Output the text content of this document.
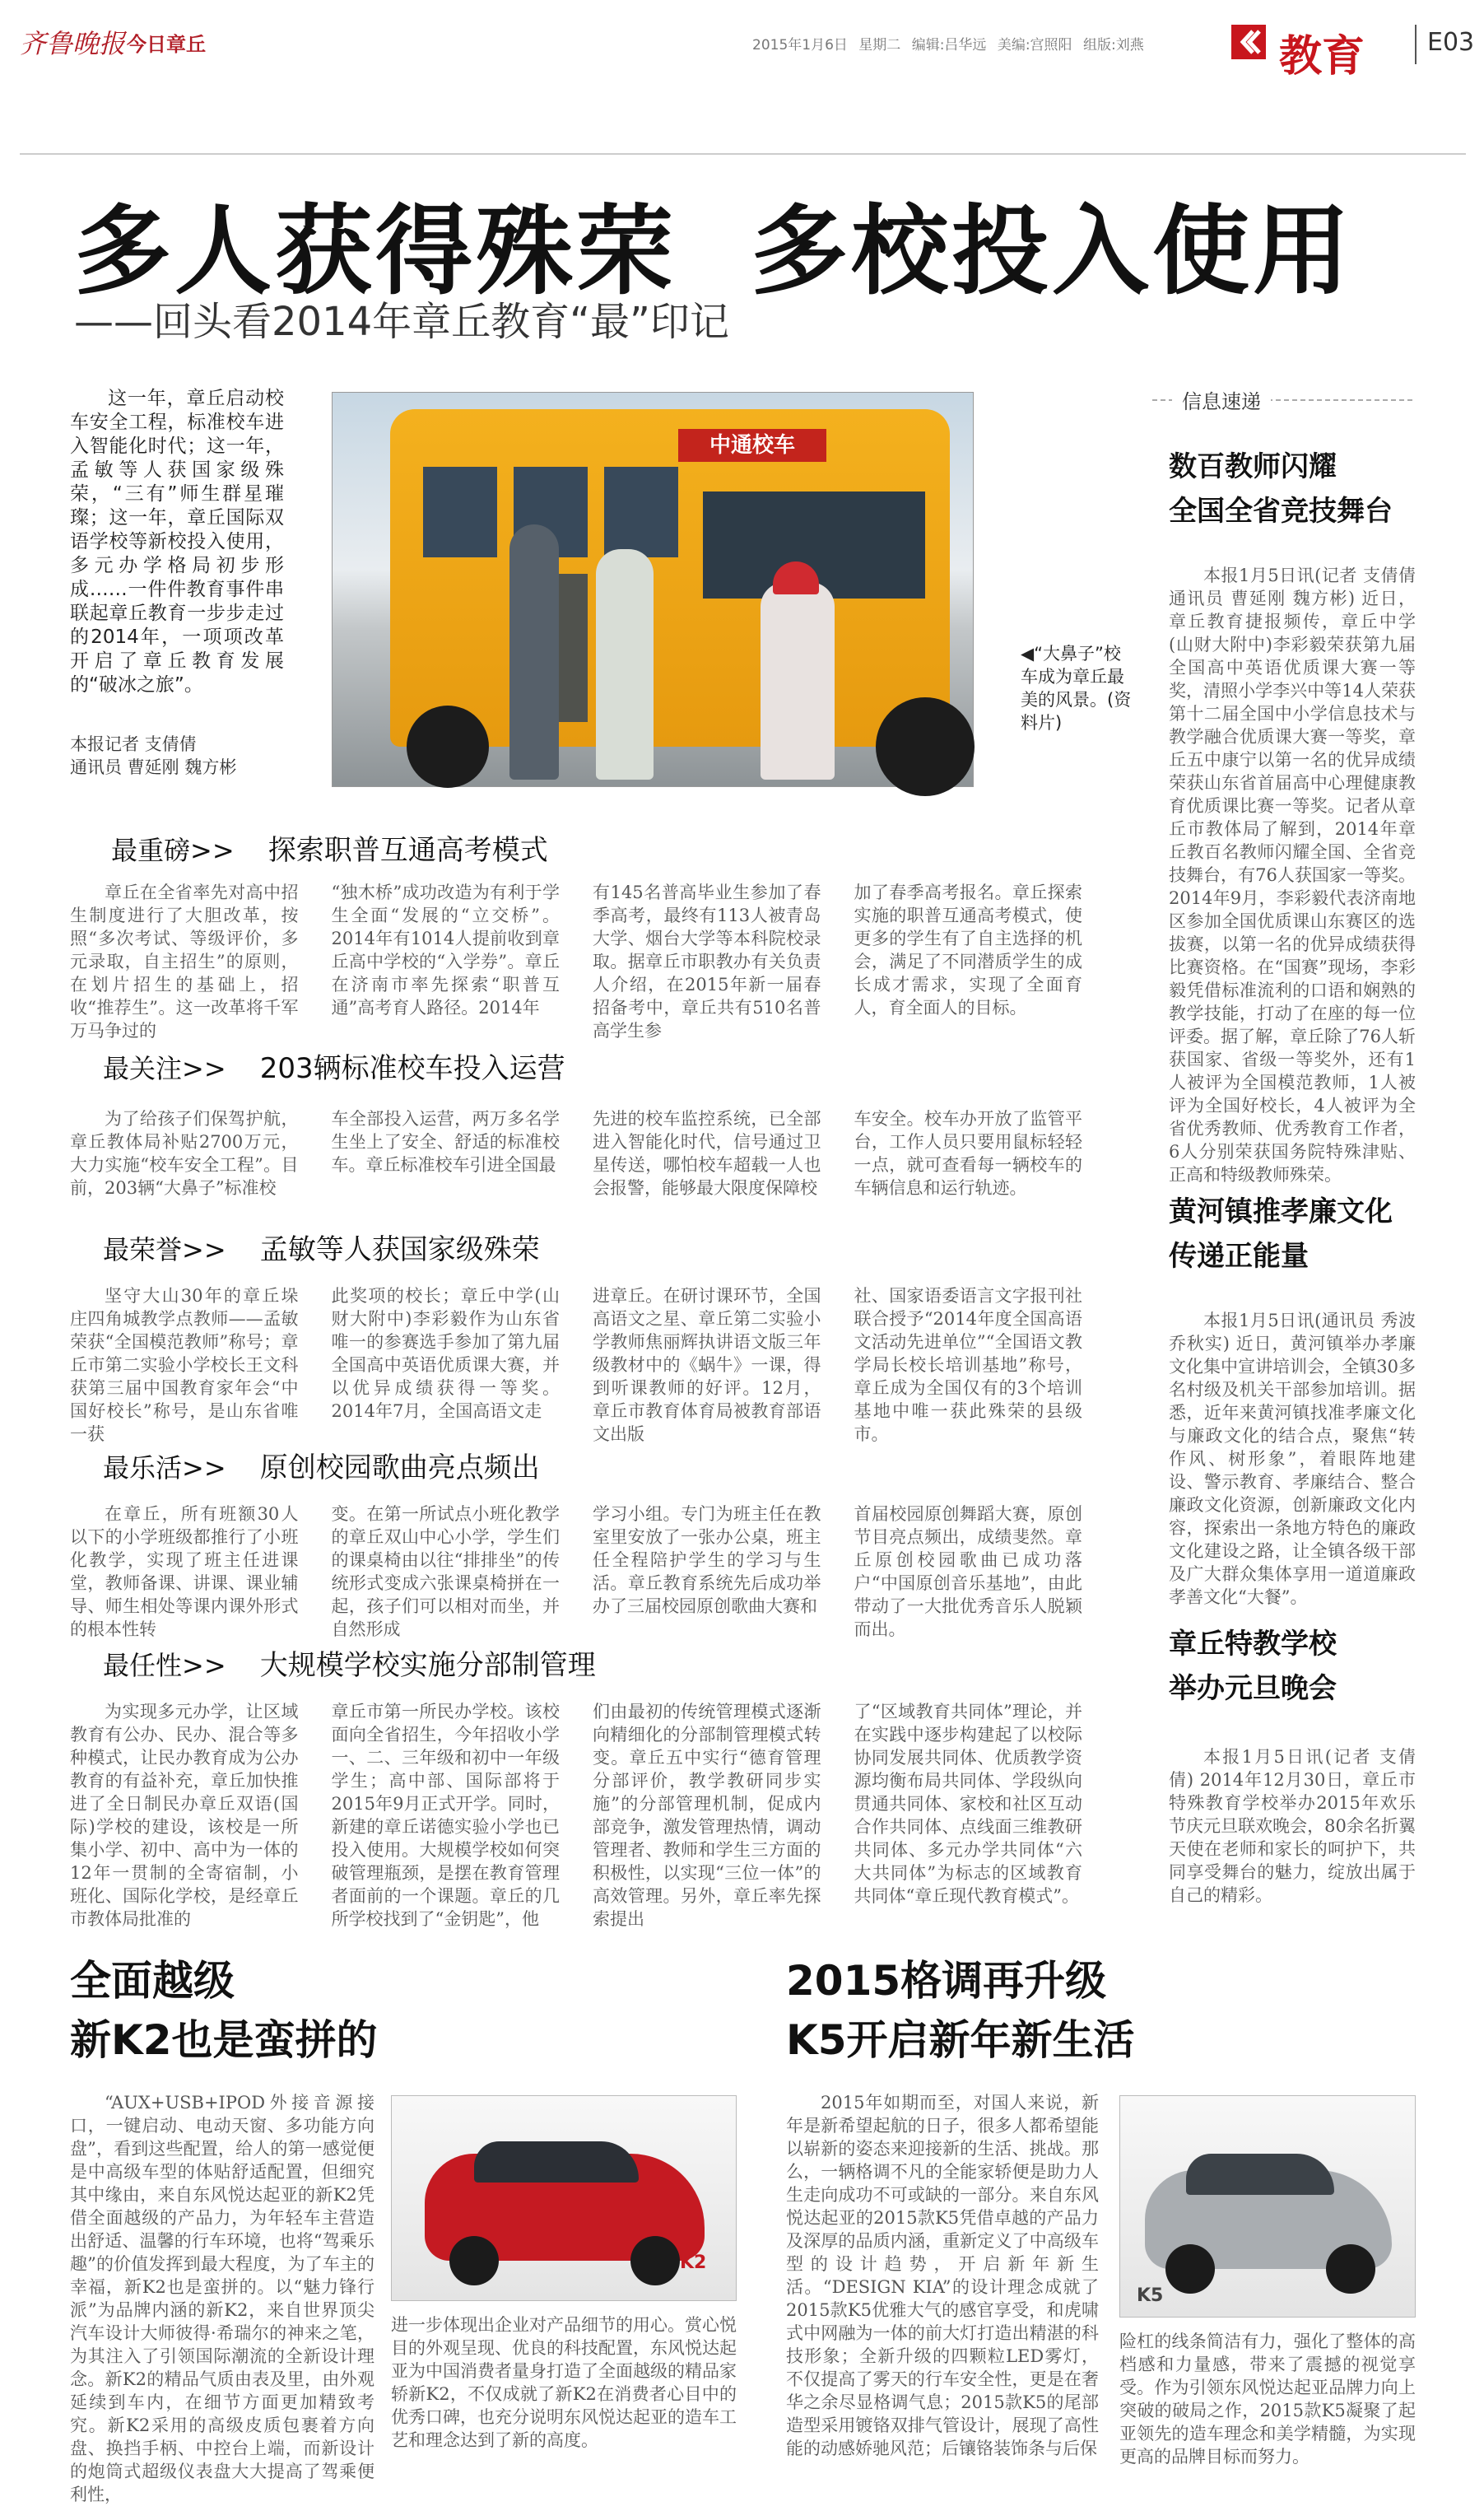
齐鲁晚报 今日章丘	2015年1月6日 星期二 编辑:吕华远 美编:宫照阳 组版:刘燕	教育	E03
多人获得殊荣  多校投入使用
——回头看2014年章丘教育“最”印记
这一年，章丘启动校车安全工程，标准校车进入智能化时代；这一年，孟敏等人获国家级殊荣，“三有”师生群星璀璨；这一年，章丘国际双语学校等新校投入使用，多元办学格局初步形成……一件件教育事件串联起章丘教育一步步走过的2014年，一项项改革开启了章丘教育发展的“破冰之旅”。
本报记者 支倩倩
通讯员 曹延刚 魏方彬
中通校车
◀“大鼻子”校车成为章丘最美的风景。(资料片)
最重磅>> 探索职普互通高考模式
章丘在全省率先对高中招生制度进行了大胆改革，按照“多次考试、等级评价，多元录取，自主招生”的原则，在划片招生的基础上，招收“推荐生”。这一改革将千军万马争过的
“独木桥”成功改造为有利于学生全面“发展的“立交桥”。2014年有1014人提前收到章丘高中学校的“入学券”。章丘在济南市率先探索“职普互通”高考育人路径。2014年
有145名普高毕业生参加了春季高考，最终有113人被青岛大学、烟台大学等本科院校录取。据章丘市职教办有关负责人介绍，在2015年新一届春招备考中，章丘共有510名普高学生参
加了春季高考报名。章丘探索实施的职普互通高考模式，使更多的学生有了自主选择的机会，满足了不同潜质学生的成长成才需求，实现了全面育人，育全面人的目标。
最关注>> 203辆标准校车投入运营
为了给孩子们保驾护航，章丘教体局补贴2700万元，大力实施“校车安全工程”。目前，203辆“大鼻子”标准校
车全部投入运营，两万多名学生坐上了安全、舒适的标准校车。章丘标准校车引进全国最
先进的校车监控系统，已全部进入智能化时代，信号通过卫星传送，哪怕校车超载一人也会报警，能够最大限度保障校
车安全。校车办开放了监管平台，工作人员只要用鼠标轻轻一点，就可查看每一辆校车的车辆信息和运行轨迹。
最荣誉>> 孟敏等人获国家级殊荣
坚守大山30年的章丘垛庄四角城教学点教师——孟敏荣获“全国模范教师”称号；章丘市第二实验小学校长王文科获第三届中国教育家年会“中国好校长”称号，是山东省唯一获
此奖项的校长；章丘中学(山财大附中)李彩毅作为山东省唯一的参赛选手参加了第九届全国高中英语优质课大赛，并以优异成绩获得一等奖。2014年7月，全国高语文走
进章丘。在研讨课环节，全国高语文之星、章丘第二实验小学教师焦丽辉执讲语文版三年级教材中的《蜗牛》一课，得到听课教师的好评。12月，章丘市教育体育局被教育部语文出版
社、国家语委语言文字报刊社联合授予“2014年度全国高语文活动先进单位”“全国语文教学局长校长培训基地”称号，章丘成为全国仅有的3个培训基地中唯一获此殊荣的县级市。
最乐活>> 原创校园歌曲亮点频出
在章丘，所有班额30人以下的小学班级都推行了小班化教学，实现了班主任进课堂，教师备课、讲课、课业辅导、师生相处等课内课外形式的根本性转
变。在第一所试点小班化教学的章丘双山中心小学，学生们的课桌椅由以往“排排坐”的传统形式变成六张课桌椅拼在一起，孩子们可以相对而坐，并自然形成
学习小组。专门为班主任在教室里安放了一张办公桌，班主任全程陪护学生的学习与生活。章丘教育系统先后成功举办了三届校园原创歌曲大赛和
首届校园原创舞蹈大赛，原创节目亮点频出，成绩斐然。章丘原创校园歌曲已成功落户“中国原创音乐基地”，由此带动了一大批优秀音乐人脱颖而出。
最任性>> 大规模学校实施分部制管理
为实现多元办学，让区域教育有公办、民办、混合等多种模式，让民办教育成为公办教育的有益补充，章丘加快推进了全日制民办章丘双语(国际)学校的建设，该校是一所集小学、初中、高中为一体的12年一贯制的全寄宿制，小班化、国际化学校，是经章丘市教体局批准的
章丘市第一所民办学校。该校面向全省招生，今年招收小学一、二、三年级和初中一年级学生；高中部、国际部将于2015年9月正式开学。同时，新建的章丘诺德实验小学也已投入使用。大规模学校如何突破管理瓶颈，是摆在教育管理者面前的一个课题。章丘的几所学校找到了“金钥匙”，他
们由最初的传统管理模式逐渐向精细化的分部制管理模式转变。章丘五中实行“德育管理分部评价，教学教研同步实施”的分部管理机制，促成内部竞争，激发管理热情，调动管理者、教师和学生三方面的积极性，以实现“三位一体”的高效管理。另外，章丘率先探索提出
了“区域教育共同体”理论，并在实践中逐步构建起了以校际协同发展共同体、优质教学资源均衡布局共同体、学段纵向贯通共同体、家校和社区互动合作共同体、点线面三维教研共同体、多元办学共同体“六大共同体”为标志的区域教育共同体“章丘现代教育模式”。
信息速递
数百教师闪耀
全国全省竞技舞台
本报1月5日讯(记者 支倩倩 通讯员 曹延刚 魏方彬) 近日，章丘教育捷报频传，章丘中学(山财大附中)李彩毅荣获第九届全国高中英语优质课大赛一等奖，清照小学李兴中等14人荣获第十二届全国中小学信息技术与教学融合优质课大赛一等奖，章丘五中康宁以第一名的优异成绩荣获山东省首届高中心理健康教育优质课比赛一等奖。记者从章丘市教体局了解到，2014年章丘教百名教师闪耀全国、全省竞技舞台，有76人获国家一等奖。2014年9月，李彩毅代表济南地区参加全国优质课山东赛区的选拔赛，以第一名的优异成绩获得比赛资格。在“国赛”现场，李彩毅凭借标准流利的口语和娴熟的教学技能，打动了在座的每一位评委。据了解，章丘除了76人斩获国家、省级一等奖外，还有1人被评为全国模范教师，1人被评为全国好校长，4人被评为全省优秀教师、优秀教育工作者，6人分别荣获国务院特殊津贴、正高和特级教师殊荣。
黄河镇推孝廉文化
传递正能量
本报1月5日讯(通讯员 秀波 乔秋实) 近日，黄河镇举办孝廉文化集中宣讲培训会，全镇30多名村级及机关干部参加培训。据悉，近年来黄河镇找准孝廉文化与廉政文化的结合点，聚焦“转作风、树形象”，着眼阵地建设、警示教育、孝廉结合、整合廉政文化资源，创新廉政文化内容，探索出一条地方特色的廉政文化建设之路，让全镇各级干部及广大群众集体享用一道道廉政孝善文化“大餐”。
章丘特教学校
举办元旦晚会
本报1月5日讯(记者 支倩倩) 2014年12月30日，章丘市特殊教育学校举办2015年欢乐节庆元旦联欢晚会，80余名折翼天使在老师和家长的呵护下，共同享受舞台的魅力，绽放出属于自己的精彩。
全面越级
新K2也是蛮拼的
“AUX+USB+IPOD外接音源接口，一键启动、电动天窗、多功能方向盘”，看到这些配置，给人的第一感觉便是中高级车型的体贴舒适配置，但细究其中缘由，来自东风悦达起亚的新K2凭借全面越级的产品力，为年轻车主营造出舒适、温馨的行车环境，也将“驾乘乐趣”的价值发挥到最大程度，为了车主的幸福，新K2也是蛮拼的。以“魅力锋行派”为品牌内涵的新K2，来自世界顶尖汽车设计大师彼得·希瑞尔的神来之笔，为其注入了引领国际潮流的全新设计理念。新K2的精品气质由表及里，由外观延续到车内，在细节方面更加精致考究。新K2采用的高级皮质包裹着方向盘、换挡手柄、中控台上端，而新设计的炮筒式超级仪表盘大大提高了驾乘便利性，
K2
进一步体现出企业对产品细节的用心。赏心悦目的外观呈现、优良的科技配置，东风悦达起亚为中国消费者量身打造了全面越级的精品家轿新K2，不仅成就了新K2在消费者心目中的优秀口碑，也充分说明东风悦达起亚的造车工艺和理念达到了新的高度。
2015格调再升级
K5开启新年新生活
2015年如期而至，对国人来说，新年是新希望起航的日子，很多人都希望能以崭新的姿态来迎接新的生活、挑战。那么，一辆格调不凡的全能家轿便是助力人生走向成功不可或缺的一部分。来自东风悦达起亚的2015款K5凭借卓越的产品力及深厚的品质内涵，重新定义了中高级车型的设计趋势，开启新年新生活。“DESIGN KIA”的设计理念成就了2015款K5优雅大气的感官享受，和虎啸式中网融为一体的前大灯打造出精湛的科技形象；全新升级的四颗粒LED雾灯，不仅提高了雾天的行车安全性，更是在奢华之余尽显格调气息；2015款K5的尾部造型采用镀铬双排气管设计，展现了高性能的动感娇驰风范；后镶铬装饰条与后保
K5
险杠的线条简洁有力，强化了整体的高档感和力量感，带来了震撼的视觉享受。作为引领东风悦达起亚品牌力向上突破的破局之作，2015款K5凝聚了起亚领先的造车理念和美学精髓，为实现更高的品牌目标而努力。
